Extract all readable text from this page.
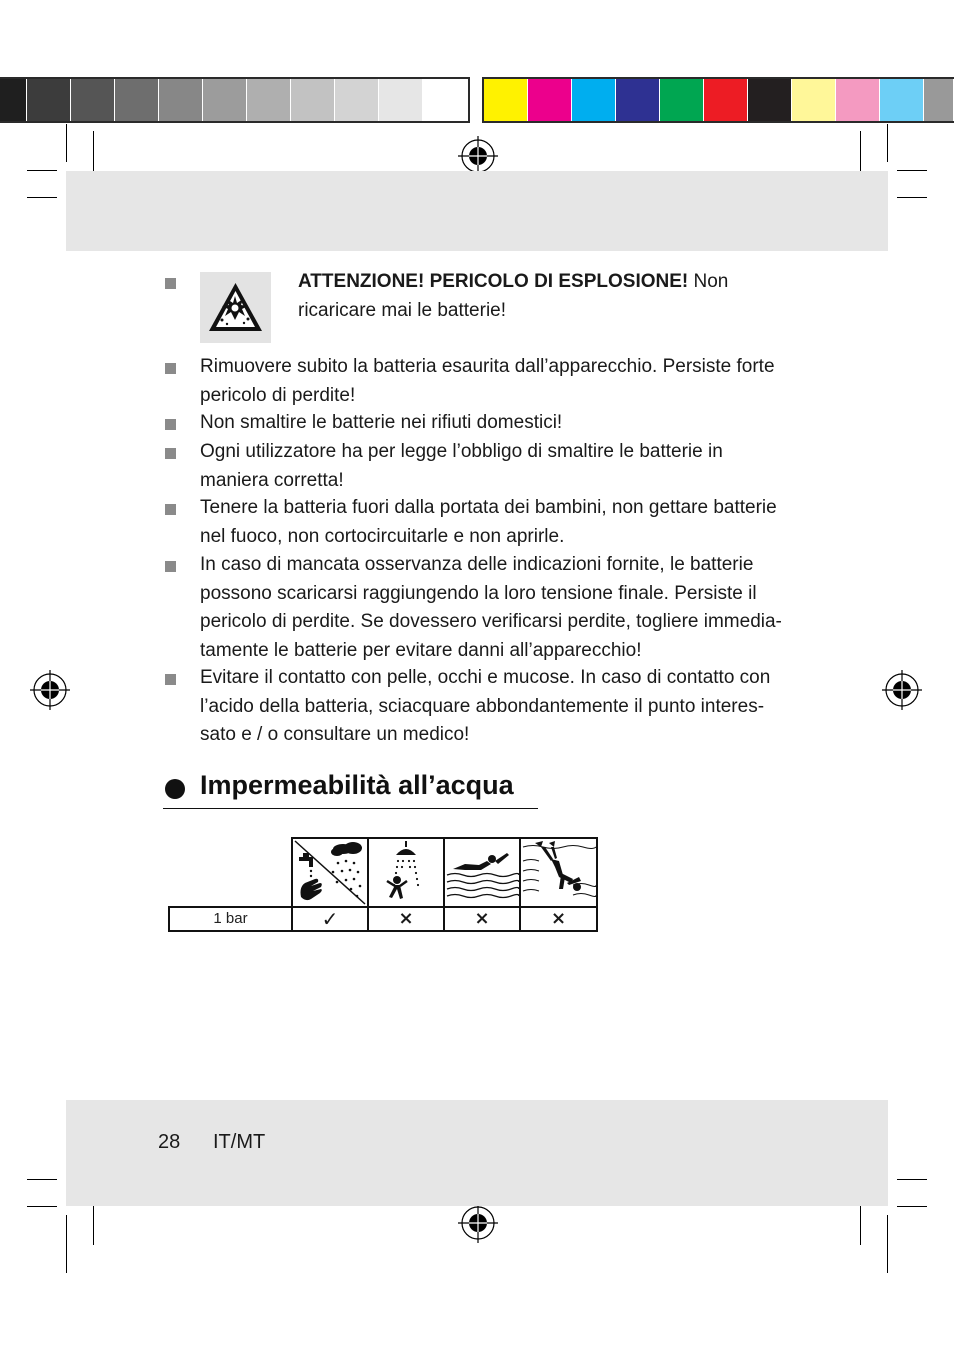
ATTENZIONE! PERICOLO DI ESPLOSIONE! Non
ricaricare mai le batterie!
Rimuovere subito la batteria esaurita dall’apparecchio. Persiste forte
pericolo di perdite!
Non smaltire le batterie nei rifiuti domestici!
Ogni utilizzatore ha per legge l’obbligo di smaltire le batterie in
maniera corretta!
Tenere la batteria fuori dalla portata dei bambini, non gettare batterie
nel fuoco, non cortocircuitarle e non aprirle.
In caso di mancata osservanza delle indicazioni fornite, le batterie
possono scaricarsi raggiungendo la loro tensione finale. Persiste il
pericolo di perdite. Se dovessero verificarsi perdite, togliere immedia-
tamente le batterie per evitare danni all’apparecchio!
Evitare il contatto con pelle, occhi e mucose. In caso di contatto con
l’acido della batteria, sciacquare abbondantemente il punto interes-
sato e / o consultare un medico!
Impermeabilità all’acqua
1 bar	✓	×	×	×
28 IT/MT
